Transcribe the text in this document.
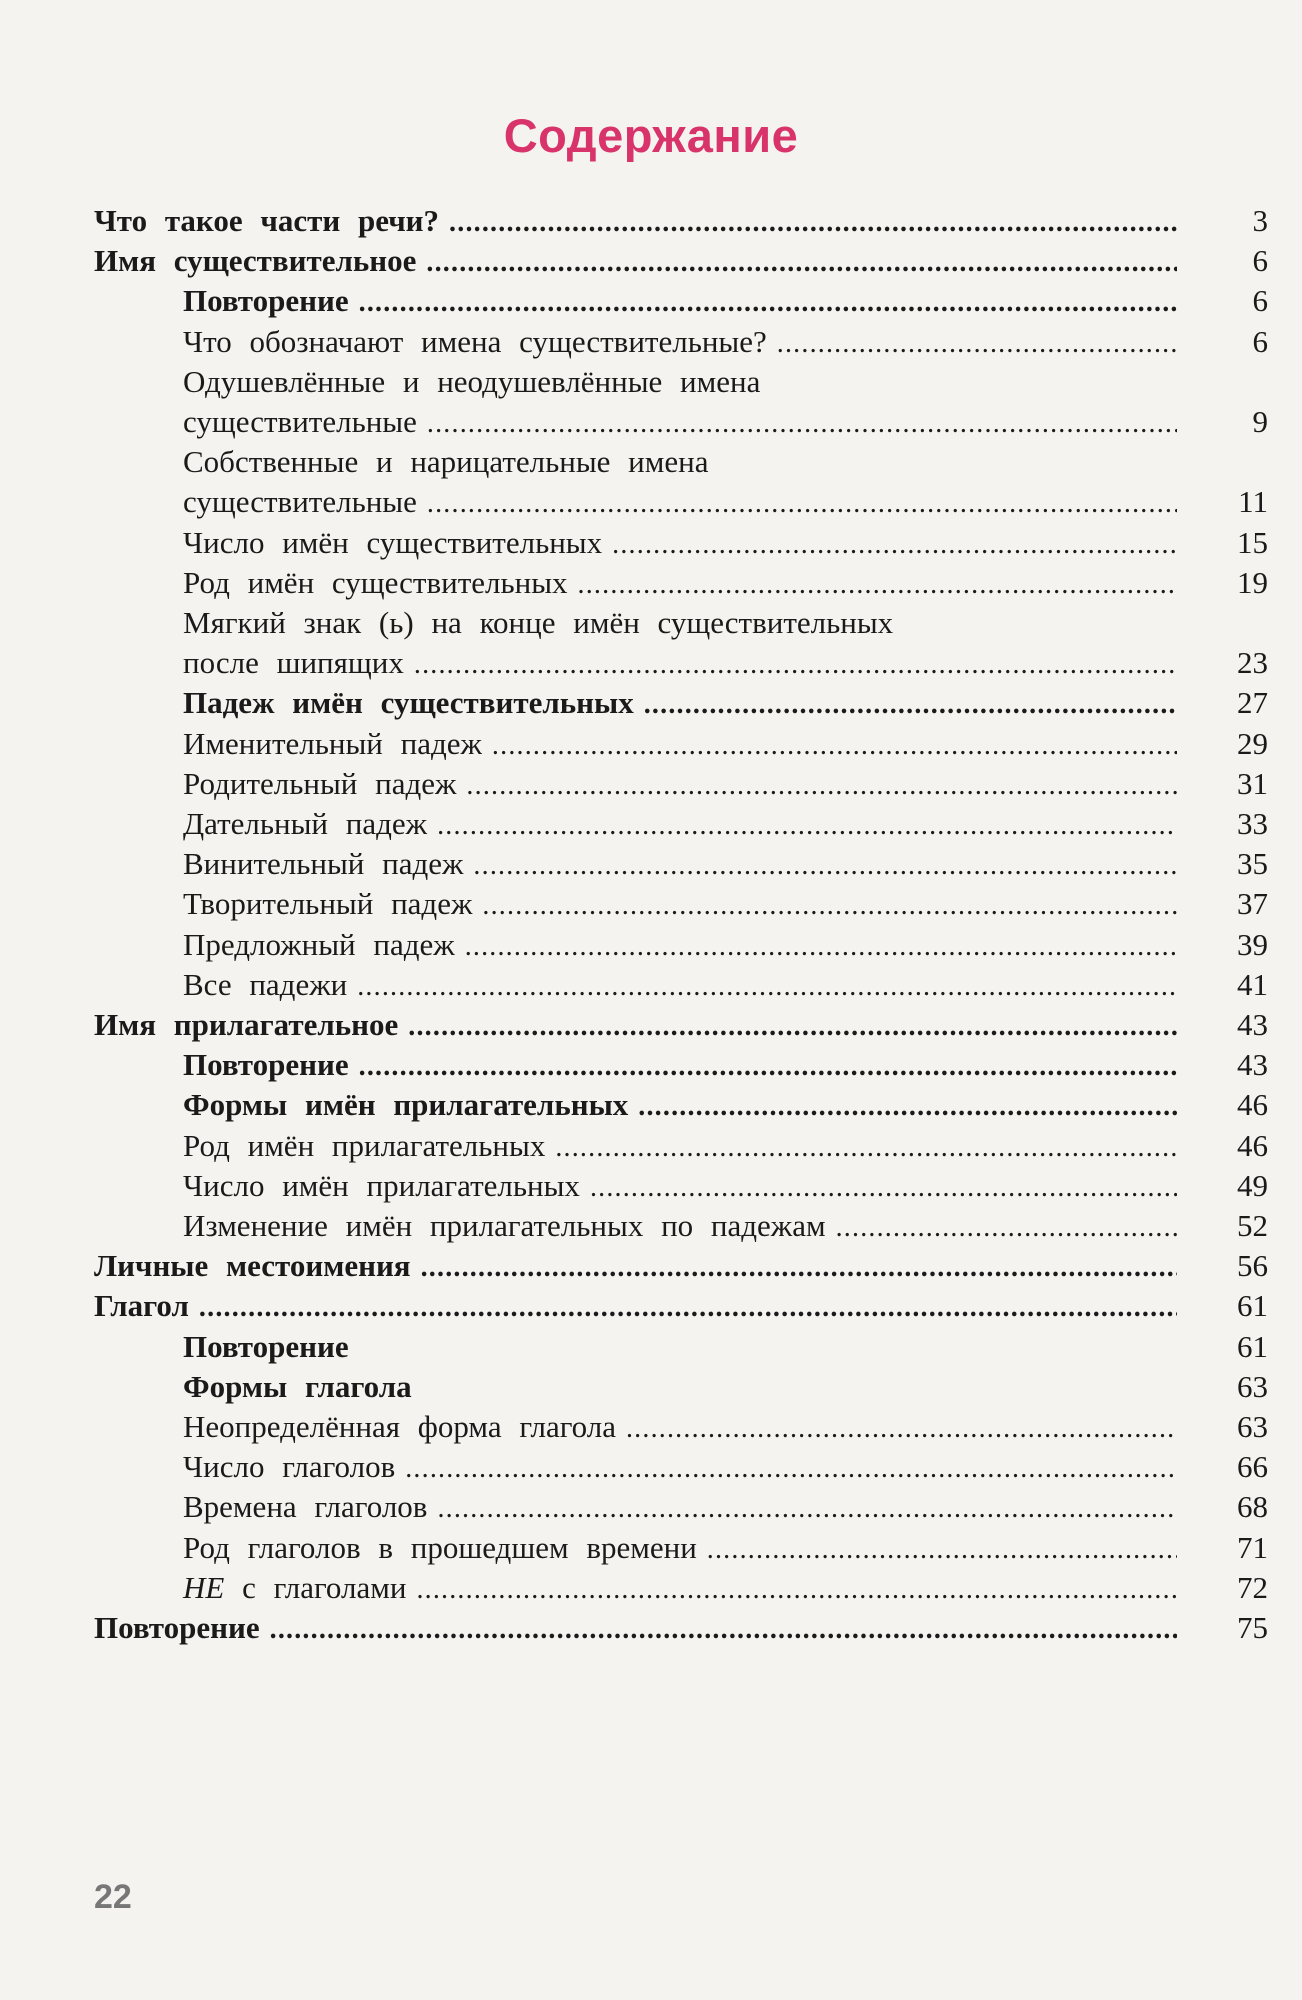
Содержание
Что такое части речи? .....	3
Имя существительное .....	6
Повторение .....	6
Что обозначают имена существительные? .....	6
Одушевлённые и неодушевлённые имена
существительные .....	9
Собственные и нарицательные имена
существительные .....	11
Число имён существительных .....	15
Род имён существительных .....	19
Мягкий знак (ь) на конце имён существительных
после шипящих .....	23
Падеж имён существительных .....	27
Именительный падеж .....	29
Родительный падеж .....	31
Дательный падеж .....	33
Винительный падеж .....	35
Творительный падеж .....	37
Предложный падеж .....	39
Все падежи .....	41
Имя прилагательное .....	43
Повторение .....	43
Формы имён прилагательных .....	46
Род имён прилагательных .....	46
Число имён прилагательных .....	49
Изменение имён прилагательных по падежам .....	52
Личные местоимения .....	56
Глагол .....	61
Повторение	61
Формы глагола	63
Неопределённая форма глагола .....	63
Число глаголов .....	66
Времена глаголов .....	68
Род глаголов в прошедшем времени .....	71
НЕ с глаголами .....	72
Повторение .....	75
22
